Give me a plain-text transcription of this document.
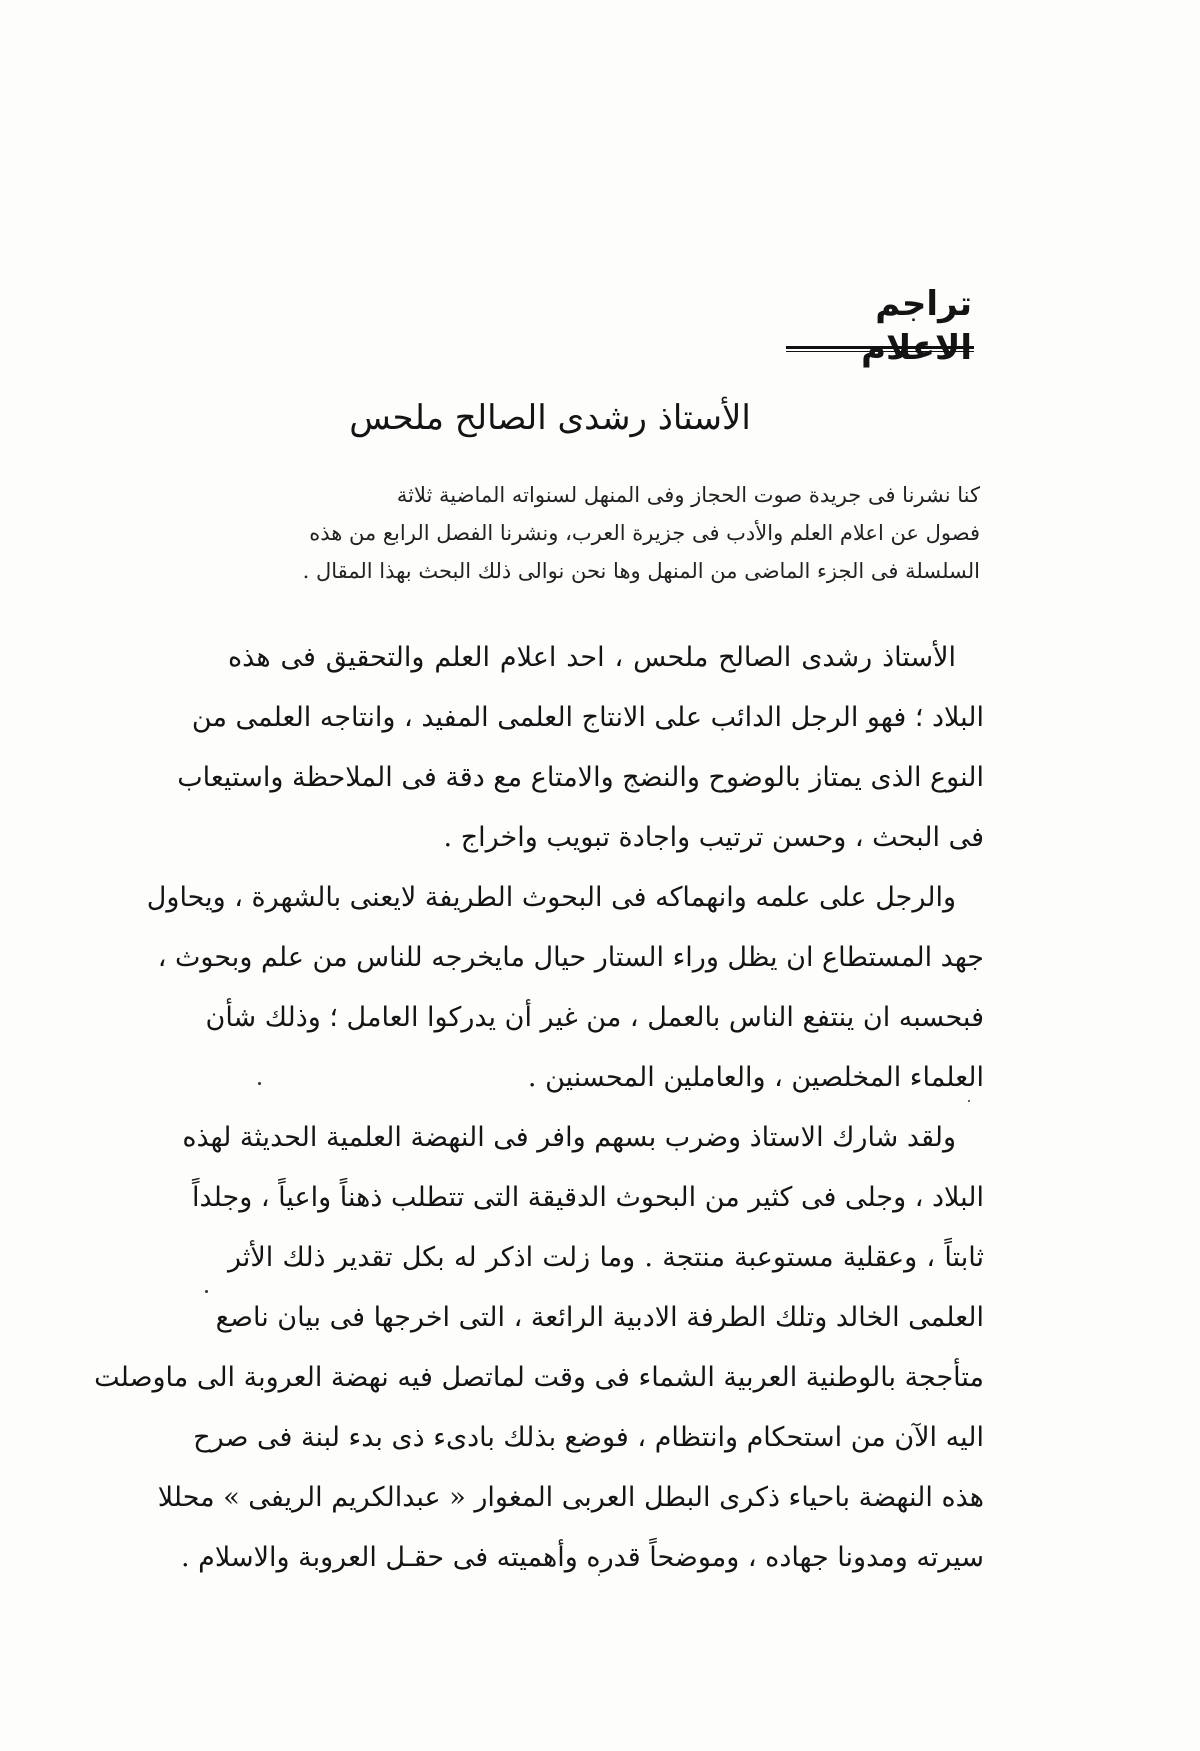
تراجم الاعلام
الأستاذ رشدى الصالح ملحس
كنا نشرنا فى جريدة صوت الحجاز وفى المنهل لسنواته الماضية ثلاثة
فصول عن اعلام العلم والأدب فى جزيرة العرب، ونشرنا الفصل الرابع من هذه
السلسلة فى الجزء الماضى من المنهل وها نحن نوالى ذلك البحث بهذا المقال .
الأستاذ رشدى الصالح ملحس ، احد اعلام العلم والتحقيق فى هذه
البلاد ؛ فهو الرجل الدائب على الانتاج العلمى المفيد ، وانتاجه العلمى من
النوع الذى يمتاز بالوضوح والنضج والامتاع مع دقة فى الملاحظة واستيعاب
فى البحث ، وحسن ترتيب واجادة تبويب واخراج .
والرجل على علمه وانهماكه فى البحوث الطريفة لايعنى بالشهرة ، ويحاول
جهد المستطاع ان يظل وراء الستار حيال مايخرجه للناس من علم وبحوث ،
فبحسبه ان ينتفع الناس بالعمل ، من غير أن يدركوا العامل ؛ وذلك شأن
العلماء المخلصين ، والعاملين المحسنين .
ولقد شارك الاستاذ وضرب بسهم وافر فى النهضة العلمية الحديثة لهذه
البلاد ، وجلى فى كثير من البحوث الدقيقة التى تتطلب ذهناً واعياً ، وجلداً
ثابتاً ، وعقلية مستوعبة منتجة . وما زلت اذكر له بكل تقدير ذلك الأثر
العلمى الخالد وتلك الطرفة الادبية الرائعة ، التى اخرجها فى بيان ناصع
متأججة بالوطنية العربية الشماء فى وقت لماتصل فيه نهضة العروبة الى ماوصلت
اليه الآن من استحكام وانتظام ، فوضع بذلك بادىء ذى بدء لبنة فى صرح
هذه النهضة باحياء ذكرى البطل العربى المغوار « عبدالكريم الريفى » محللا
سيرته ومدونا جهاده ، وموضحاً قدره وأهميته فى حقـل العروبة والاسلام .
